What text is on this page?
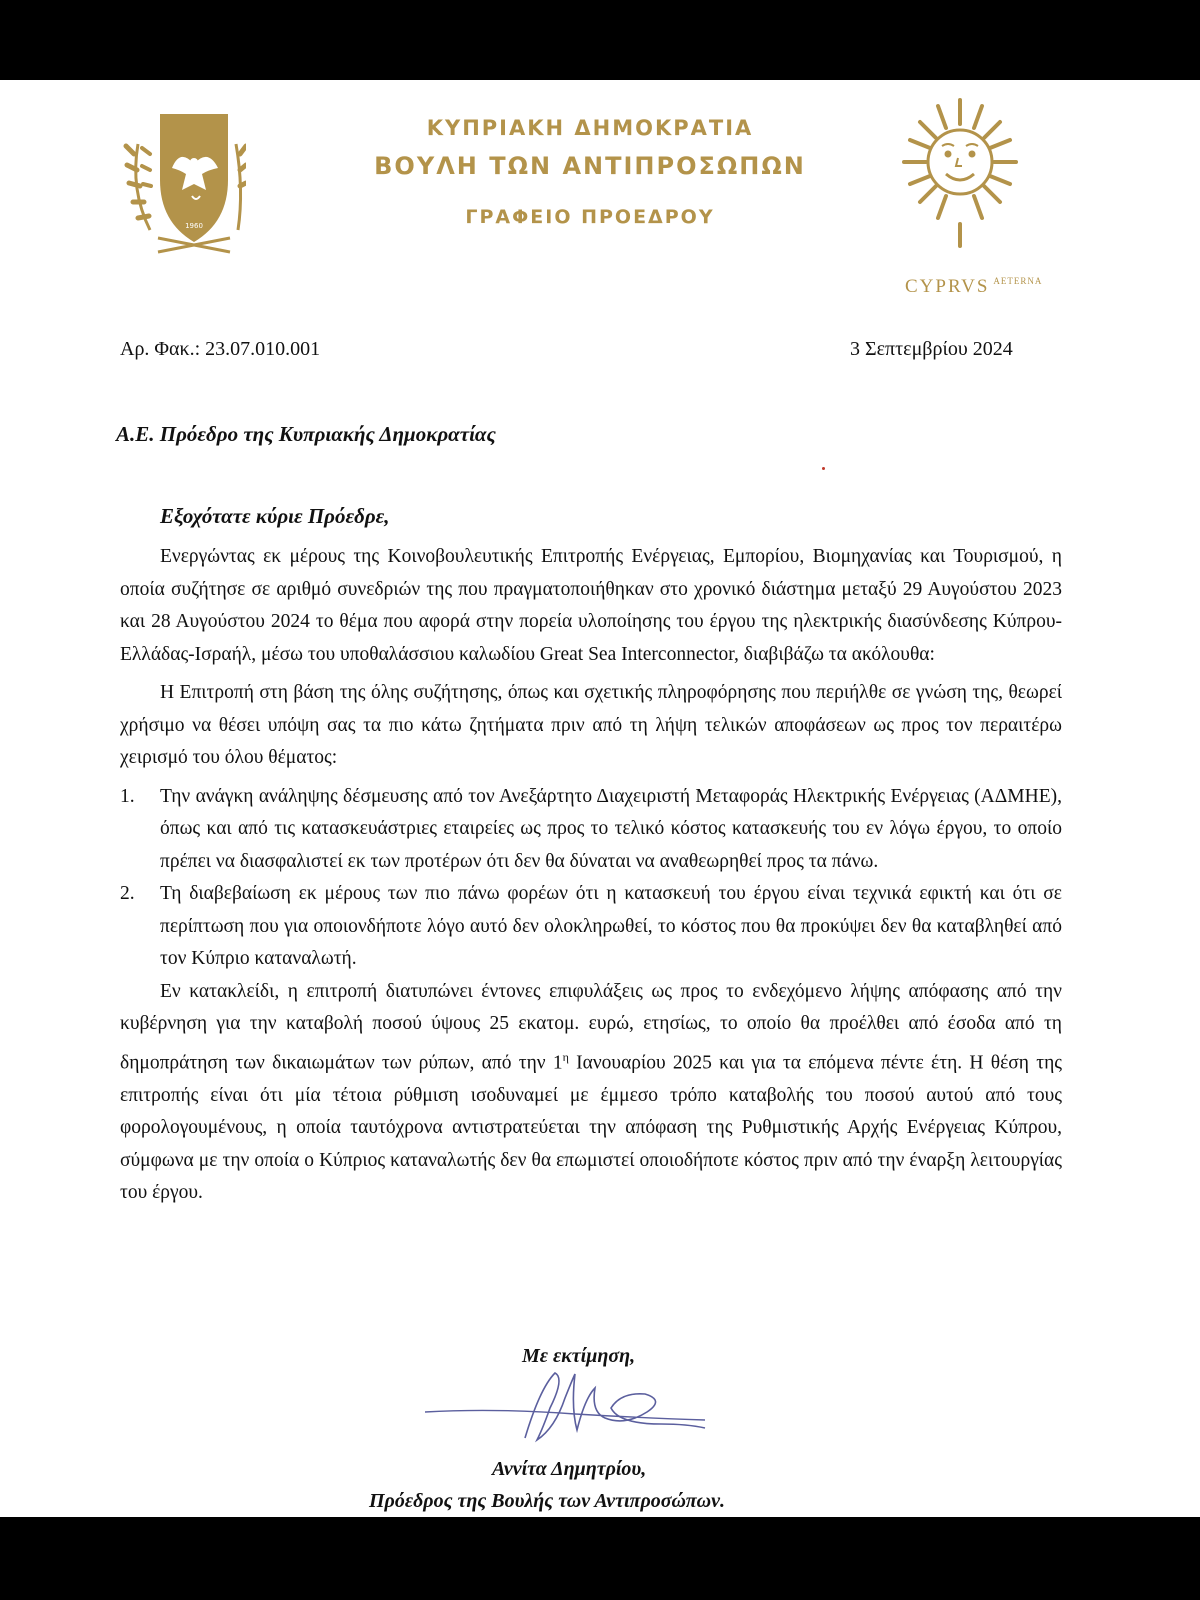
1960

ΚΥΠΡΙΑΚΗ ΔΗΜΟΚΡΑΤΙΑ

ΒΟΥΛΗ ΤΩΝ ΑΝΤΙΠΡΟΣΩΠΩΝ

ΓΡΑΦΕΙΟ ΠΡΟΕΔΡΟΥ

CYPRVS $^{AETERNA}$
Αρ. Φακ.: 23.07.010.001	3 Σεπτεμβρίου 2024
Α.Ε. Πρόεδρο της Κυπριακής Δημοκρατίας
Εξοχότατε κύριε Πρόεδρε,

Ενεργώντας εκ μέρους της Κοινοβουλευτικής Επιτροπής Ενέργειας, Εμπορίου, Βιομηχανίας και Τουρισμού, η οποία συζήτησε σε αριθμό συνεδριών της που πραγματοποιήθηκαν στο χρονικό διάστημα μεταξύ 29 Αυγούστου 2023 και 28 Αυγούστου 2024 το θέμα που αφορά στην πορεία υλοποίησης του έργου της ηλεκτρικής διασύνδεσης Κύπρου-Ελλάδας-Ισραήλ, μέσω του υποθαλάσσιου καλωδίου Great Sea Interconnector, διαβιβάζω τα ακόλουθα:

Η Επιτροπή στη βάση της όλης συζήτησης, όπως και σχετικής πληροφόρησης που περιήλθε σε γνώση της, θεωρεί χρήσιμο να θέσει υπόψη σας τα πιο κάτω ζητήματα πριν από τη λήψη τελικών αποφάσεων ως προς τον περαιτέρω χειρισμό του όλου θέματος:

1. Την ανάγκη ανάληψης δέσμευσης από τον Ανεξάρτητο Διαχειριστή Μεταφοράς Ηλεκτρικής Ενέργειας (ΑΔΜΗΕ), όπως και από τις κατασκευάστριες εταιρείες ως προς το τελικό κόστος κατασκευής του εν λόγω έργου, το οποίο πρέπει να διασφαλιστεί εκ των προτέρων ότι δεν θα δύναται να αναθεωρηθεί προς τα πάνω.
2. Τη διαβεβαίωση εκ μέρους των πιο πάνω φορέων ότι η κατασκευή του έργου είναι τεχνικά εφικτή και ότι σε περίπτωση που για οποιονδήποτε λόγο αυτό δεν ολοκληρωθεί, το κόστος που θα προκύψει δεν θα καταβληθεί από τον Κύπριο καταναλωτή.

Εν κατακλείδι, η επιτροπή διατυπώνει έντονες επιφυλάξεις ως προς το ενδεχόμενο λήψης απόφασης από την κυβέρνηση για την καταβολή ποσού ύψους 25 εκατομ. ευρώ, ετησίως, το οποίο θα προέλθει από έσοδα από τη δημοπράτηση των δικαιωμάτων των ρύπων, από την $1^\eta$ Ιανουαρίου 2025 και για τα επόμενα πέντε έτη. Η θέση της επιτροπής είναι ότι μία τέτοια ρύθμιση ισοδυναμεί με έμμεσο τρόπο καταβολής του ποσού αυτού από τους φορολογουμένους, η οποία ταυτόχρονα αντιστρατεύεται την απόφαση της Ρυθμιστικής Αρχής Ενέργειας Κύπρου, σύμφωνα με την οποία ο Κύπριος καταναλωτής δεν θα επωμιστεί οποιοδήποτε κόστος πριν από την έναρξη λειτουργίας του έργου.

Με εκτίμηση,
Αννίτα Δημητρίου,
Πρόεδρος της Βουλής των Αντιπροσώπων.
